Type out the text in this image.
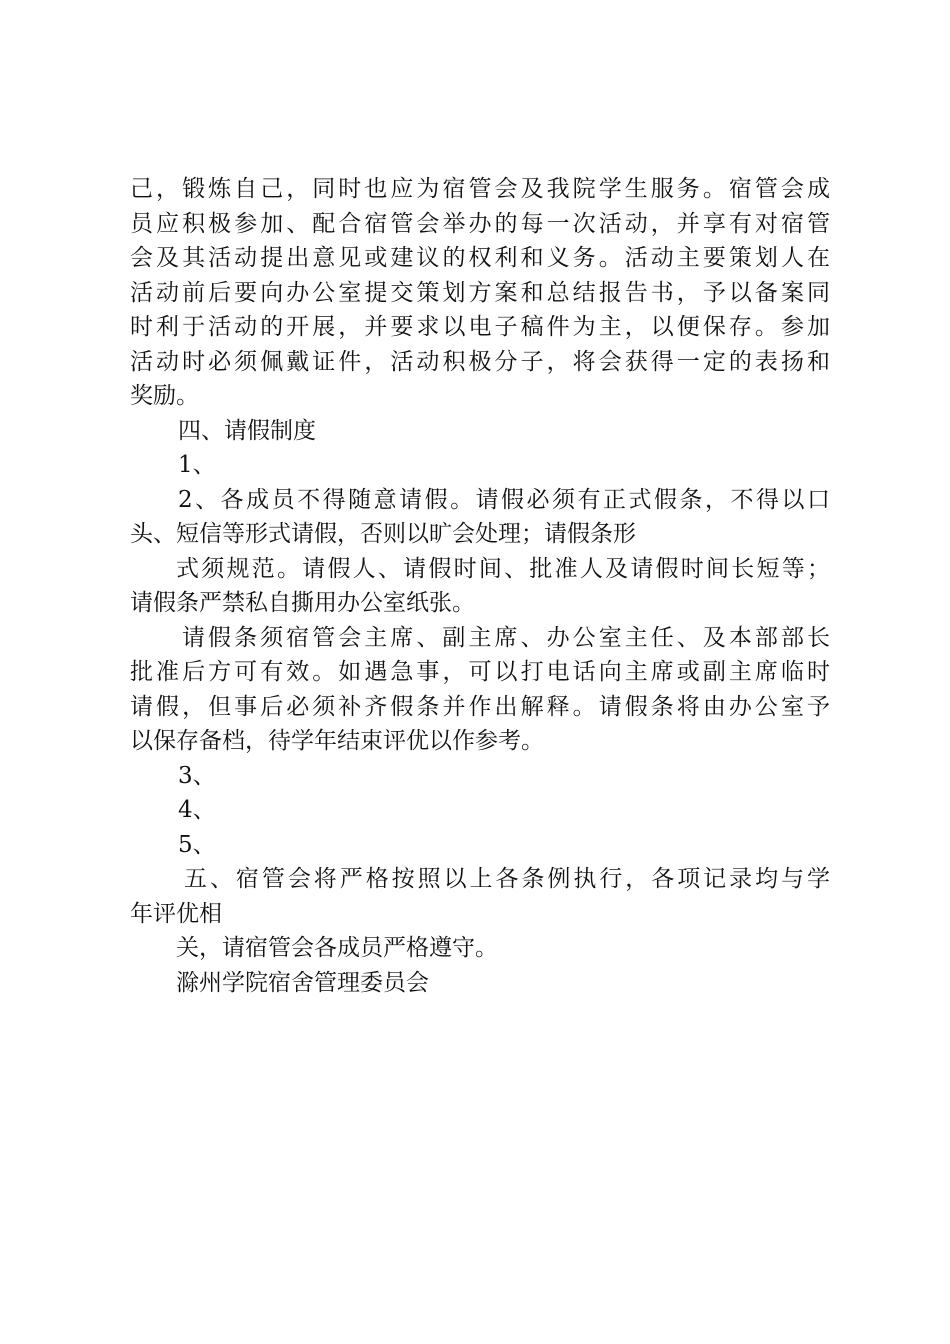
己，锻炼自己，同时也应为宿管会及我院学生服务。宿管会成
员应积极参加、配合宿管会举办的每一次活动，并享有对宿管
会及其活动提出意见或建议的权利和义务。活动主要策划人在
活动前后要向办公室提交策划方案和总结报告书，予以备案同
时利于活动的开展，并要求以电子稿件为主，以便保存。参加
活动时必须佩戴证件，活动积极分子，将会获得一定的表扬和
奖励。
四、请假制度
1、
2、各成员不得随意请假。请假必须有正式假条，不得以口
头、短信等形式请假，否则以旷会处理；请假条形
式须规范。请假人、请假时间、批准人及请假时间长短等；
请假条严禁私自撕用办公室纸张。
请假条须宿管会主席、副主席、办公室主任、及本部部长
批准后方可有效。如遇急事，可以打电话向主席或副主席临时
请假，但事后必须补齐假条并作出解释。请假条将由办公室予
以保存备档，待学年结束评优以作参考。
3、
4、
5、
五、宿管会将严格按照以上各条例执行，各项记录均与学
年评优相
关，请宿管会各成员严格遵守。
滁州学院宿舍管理委员会
